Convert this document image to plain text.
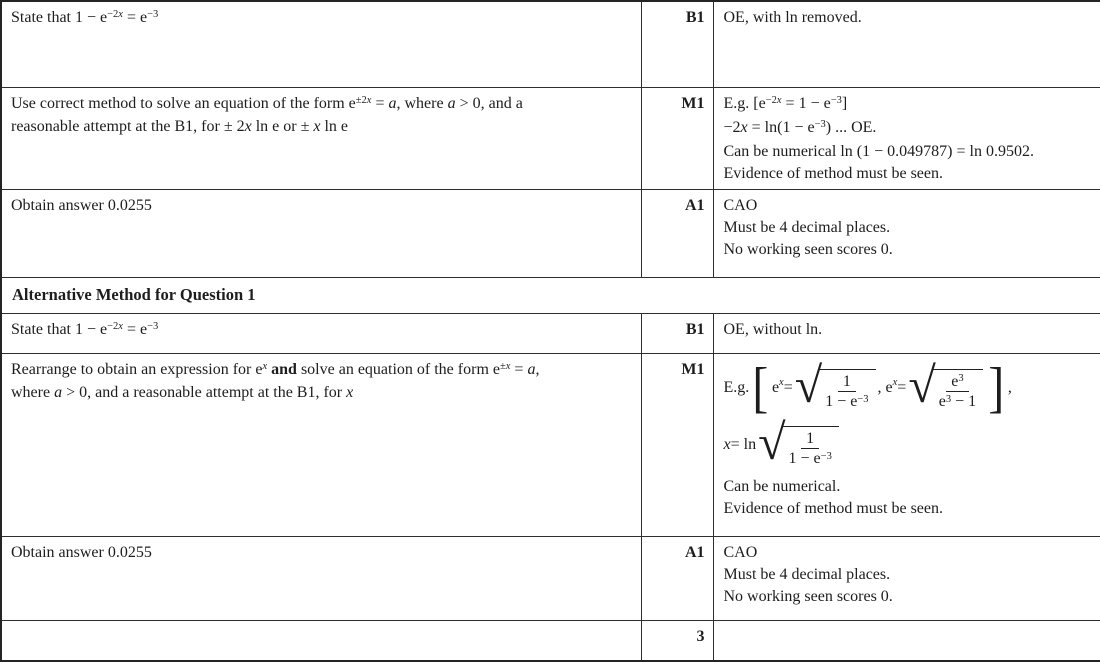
State that $1 - e^{-2x} = e^{-3}$	B1	OE, with ln removed.

Use correct method to solve an equation of the form $e^{\pm 2x} = a$, where a > 0, and a
reasonable attempt at the B1, for ± 2x ln e or ± x ln e	M1	E.g. $[e^{-2x} = 1 - e^{-3}]$
$-2x = \ln(1 - e^{-3})$ ... OE.
Can be numerical ln (1 − 0.049787) = ln 0.9502.
Evidence of method must be seen.

Obtain answer 0.0255	A1	CAO
Must be 4 decimal places.
No working seen scores 0.

Alternative Method for Question 1		
State that $1 - e^{-2x} = e^{-3}$	B1	OE, without ln.

Rearrange to obtain an expression for $e^x$ and solve an equation of the form $e^{\pm x} = a$,
where a > 0, and a reasonable attempt at the B1, for x	M1	
E.g. [ e x = √ $\frac{1}{1 - e^{-3}}$ , e x = √ $\frac{e^3}{e^3 - 1}$ ] ,
x = ln √ $\frac{1}{1 - e^{-3}}$
Can be numerical.
Evidence of method must be seen.

Obtain answer 0.0255	A1	CAO
Must be 4 decimal places.
No working seen scores 0.

	3	
